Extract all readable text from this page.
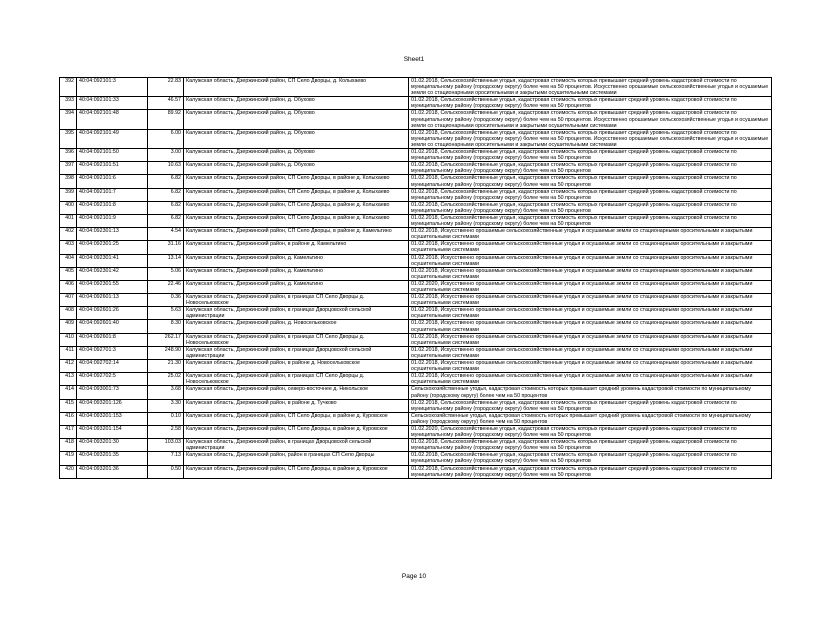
Sheet1
392	40:04:092101:3	22.83	Калужская область, Дзержинский район, СП Село Дворцы, д. Колыхаево	01.02.2018, Сельскохозяйственные угодья, кадастровая стоимость которых превышает средний уровень кадастровой стоимости по муниципальному району (городскому округу) более чем на 50 процентов. Искусственно орошаемые сельскохозяйственные угодья и осушаемые земли со стационарными оросительными и закрытыми осушительными системами
393	40:04:092101:33	46.57	Калужская область, Дзержинский район, д. Обухово	01.02.2018, Сельскохозяйственные угодья, кадастровая стоимость которых превышает средний уровень кадастровой стоимости по муниципальному району (городскому округу) более чем на 50 процентов
394	40:04:092101:48	89.92	Калужская область, Дзержинский район, д. Обухово	01.02.2018, Сельскохозяйственные угодья, кадастровая стоимость которых превышает средний уровень кадастровой стоимости по муниципальному району (городскому округу) более чем на 50 процентов. Искусственно орошаемые сельскохозяйственные угодья и осушаемые земли со стационарными оросительными и закрытыми осушительными системами
395	40:04:092101:49	6.00	Калужская область, Дзержинский район, д. Обухово	01.02.2018, Сельскохозяйственные угодья, кадастровая стоимость которых превышает средний уровень кадастровой стоимости по муниципальному району (городскому округу) более чем на 50 процентов. Искусственно орошаемые сельскохозяйственные угодья и осушаемые земли со стационарными оросительными и закрытыми осушительными системами
396	40:04:092101:50	3.00	Калужская область, Дзержинский район, д. Обухово	01.02.2018, Сельскохозяйственные угодья, кадастровая стоимость которых превышает средний уровень кадастровой стоимости по муниципальному району (городскому округу) более чем на 50 процентов
397	40:04:092101:51	10.63	Калужская область, Дзержинский район, д. Обухово	01.02.2018, Сельскохозяйственные угодья, кадастровая стоимость которых превышает средний уровень кадастровой стоимости по муниципальному району (городскому округу) более чем на 50 процентов
398	40:04:092101:6	6.82	Калужская область, Дзержинский район, СП Село Дворцы, в районе д. Колыхаево	01.02.2018, Сельскохозяйственные угодья, кадастровая стоимость которых превышает средний уровень кадастровой стоимости по муниципальному району (городскому округу) более чем на 50 процентов
399	40:04:092101:7	6.82	Калужская область, Дзержинский район, СП Село Дворцы, в районе д. Колыхаево	01.02.2018, Сельскохозяйственные угодья, кадастровая стоимость которых превышает средний уровень кадастровой стоимости по муниципальному району (городскому округу) более чем на 50 процентов
400	40:04:092101:8	6.82	Калужская область, Дзержинский район, СП Село Дворцы, в районе д. Колыхаево	01.02.2018, Сельскохозяйственные угодья, кадастровая стоимость которых превышает средний уровень кадастровой стоимости по муниципальному району (городскому округу) более чем на 50 процентов
401	40:04:092101:9	6.82	Калужская область, Дзержинский район, СП Село Дворцы, в районе д. Колыхаево	01.02.2018, Сельскохозяйственные угодья, кадастровая стоимость которых превышает средний уровень кадастровой стоимости по муниципальному району (городскому округу) более чем на 50 процентов
402	40:04:092301:13	4.54	Калужская область, Дзержинский район, СП Село Дворцы, в районе д. Камельтино	01.02.2018, Искусственно орошаемые сельскохозяйственные угодья и осушаемые земли со стационарными оросительными и закрытыми осушительными системами
403	40:04:092301:25	31.16	Калужская область, Дзержинский район, в районе д. Камельтино	01.02.2018, Искусственно орошаемые сельскохозяйственные угодья и осушаемые земли со стационарными оросительными и закрытыми осушительными системами
404	40:04:092301:41	13.14	Калужская область, Дзержинский район, д. Камельтино	01.02.2018, Искусственно орошаемые сельскохозяйственные угодья и осушаемые земли со стационарными оросительными и закрытыми осушительными системами
405	40:04:092301:42	5.06	Калужская область, Дзержинский район, д. Камельтино	01.02.2018, Искусственно орошаемые сельскохозяйственные угодья и осушаемые земли со стационарными оросительными и закрытыми осушительными системами
406	40:04:092301:55	22.46	Калужская область, Дзержинский район, д. Камельтино	01.02.2020, Искусственно орошаемые сельскохозяйственные угодья и осушаемые земли со стационарными оросительными и закрытыми осушительными системами
407	40:04:092601:13	0.36	Калужская область, Дзержинский район, в границах СП Село Дворцы д. Новосельковское	01.02.2018, Искусственно орошаемые сельскохозяйственные угодья и осушаемые земли со стационарными оросительными и закрытыми осушительными системами
408	40:04:092601:26	5.63	Калужская область, Дзержинский район, в границах Дворцовской сельской администрации	01.02.2018, Искусственно орошаемые сельскохозяйственные угодья и осушаемые земли со стационарными оросительными и закрытыми осушительными системами
409	40:04:092601:40	8.30	Калужская область, Дзержинский район, д. Новосельковское	01.02.2018, Искусственно орошаемые сельскохозяйственные угодья и осушаемые земли со стационарными оросительными и закрытыми осушительными системами
410	40:04:092601:8	262.17	Калужская область, Дзержинский район, в границах СП Село Дворцы д. Новосельковское	01.02.2018, Искусственно орошаемые сельскохозяйственные угодья и осушаемые земли со стационарными оросительными и закрытыми осушительными системами
411	40:04:092701:3	248.90	Калужская область, Дзержинский район, в границах Дворцовской сельской администрации	01.02.2018, Искусственно орошаемые сельскохозяйственные угодья и осушаемые земли со стационарными оросительными и закрытыми осушительными системами
412	40:04:092702:14	21.30	Калужская область, Дзержинский район, в районе д. Новосельковское	01.02.2018, Искусственно орошаемые сельскохозяйственные угодья и осушаемые земли со стационарными оросительными и закрытыми осушительными системами
413	40:04:092702:5	25.02	Калужская область, Дзержинский район, в границах СП Село Дворцы д. Новосельковское	01.02.2018, Искусственно орошаемые сельскохозяйственные угодья и осушаемые земли со стационарными оросительными и закрытыми осушительными системами
414	40:04:093001:73	3.68	Калужская область, Дзержинский район, северо-восточнее д. Никольское	Сельскохозяйственные угодья, кадастровая стоимость которых превышает средний уровень кадастровой стоимости по муниципальному району (городскому округу) более чем на 50 процентов
415	40:04:093201:126	3.30	Калужская область, Дзержинский район, в районе д. Тучково	01.02.2018, Сельскохозяйственные угодья, кадастровая стоимость которых превышает средний уровень кадастровой стоимости по муниципальному району (городскому округу) более чем на 50 процентов
416	40:04:093201:153	0.10	Калужская область, Дзержинский район, СП Село Дворцы, в районе д. Куровское	Сельскохозяйственные угодья, кадастровая стоимость которых превышает средний уровень кадастровой стоимости по муниципальному району (городскому округу) более чем на 50 процентов
417	40:04:093201:154	2.58	Калужская область, Дзержинский район, СП Село Дворцы, в районе д. Куровское	01.02.2020, Сельскохозяйственные угодья, кадастровая стоимость которых превышает средний уровень кадастровой стоимости по муниципальному району (городскому округу) более чем на 50 процентов
418	40:04:093201:30	103.03	Калужская область, Дзержинский район, в границах Дворцовской сельской администрации	01.02.2018, Сельскохозяйственные угодья, кадастровая стоимость которых превышает средний уровень кадастровой стоимости по муниципальному району (городскому округу) более чем на 50 процентов
419	40:04:093201:35	7.13	Калужская область, Дзержинский район, район в границах СП Село Дворцы	01.02.2018, Сельскохозяйственные угодья, кадастровая стоимость которых превышает средний уровень кадастровой стоимости по муниципальному району (городскому округу) более чем на 50 процентов
420	40:04:093201:36	0.50	Калужская область, Дзержинский район, СП Село Дворцы, в районе д. Куровское	01.02.2018, Сельскохозяйственные угодья, кадастровая стоимость которых превышает средний уровень кадастровой стоимости по муниципальному району (городскому округу) более чем на 50 процентов
Page 10
